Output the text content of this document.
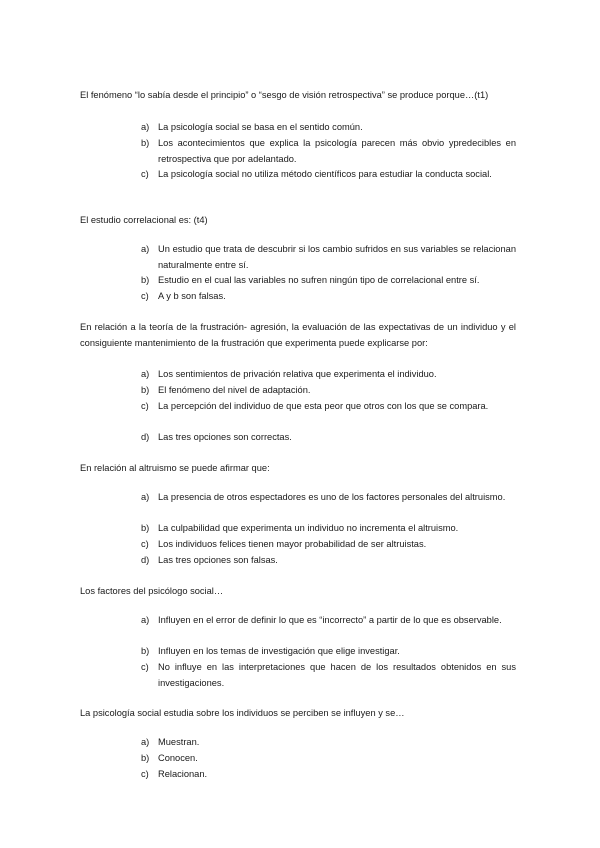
El fenómeno “lo sabía desde el principio” o “sesgo de visión retrospectiva” se produce porque…(t1)
a) La psicología social se basa en el sentido común.
b) Los acontecimientos que explica la psicología parecen más obvio ypredecibles en retrospectiva que por adelantado.
c) La psicología social no utiliza método científicos para estudiar la conducta social.
El estudio correlacional es: (t4)
a) Un estudio que trata de descubrir si los cambio sufridos en sus variables se relacionan naturalmente entre sí.
b) Estudio en el cual las variables no sufren ningún tipo de correlacional entre sí.
c) A y b son falsas.
En relación a la teoría de la frustración- agresión, la evaluación de las expectativas de un individuo y el consiguiente mantenimiento de la frustración que experimenta puede explicarse por:
a) Los sentimientos de privación relativa que experimenta el individuo.
b) El fenómeno del nivel de adaptación.
c) La percepción del individuo de que esta peor que otros con los que se compara.
d) Las tres opciones son correctas.
En relación al altruismo se puede afirmar que:
a) La presencia de otros espectadores es uno de los factores personales del altruismo.
b) La culpabilidad que experimenta un individuo no incrementa el altruismo.
c) Los individuos felices tienen mayor probabilidad de ser altruistas.
d) Las tres opciones son falsas.
Los factores del psicólogo social…
a) Influyen en el error de definir lo que es “incorrecto” a partir de lo que es observable.
b) Influyen en los temas de investigación que elige investigar.
c) No influye en las interpretaciones que hacen de los resultados obtenidos en sus investigaciones.
La psicología social estudia sobre los individuos se perciben se influyen y se…
a) Muestran.
b) Conocen.
c) Relacionan.
